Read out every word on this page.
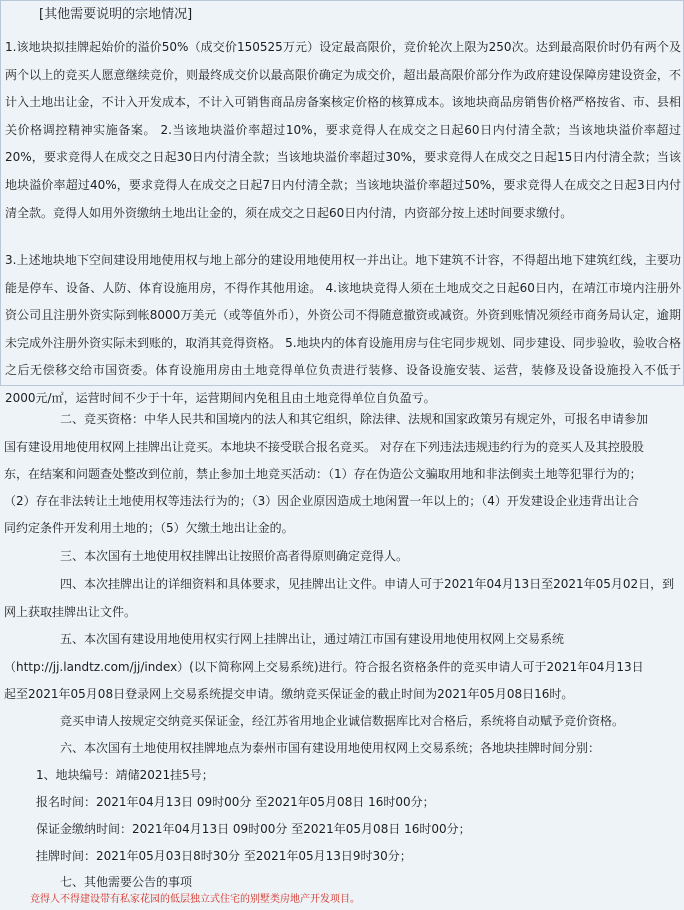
[其他需要说明的宗地情况]

1.该地块拟挂牌起始价的溢价50%（成交价150525万元）设定最高限价，竞价轮次上限为250次。达到最高限价时仍有两个及两个以上的竞买人愿意继续竞价，则最终成交价以最高限价确定为成交价，超出最高限价部分作为政府建设保障房建设资金，不计入土地出让金，不计入开发成本，不计入可销售商品房备案核定价格的核算成本。该地块商品房销售价格严格按省、市、县相关价格调控精神实施备案。 2.当该地块溢价率超过10%，要求竞得人在成交之日起60日内付清全款；当该地块溢价率超过20%，要求竞得人在成交之日起30日内付清全款；当该地块溢价率超过30%，要求竞得人在成交之日起15日内付清全款；当该地块溢价率超过40%，要求竞得人在成交之日起7日内付清全款；当该地块溢价率超过50%，要求竞得人在成交之日起3日内付清全款。竞得人如用外资缴纳土地出让金的，须在成交之日起60日内付清，内资部分按上述时间要求缴付。

3.上述地块地下空间建设用地使用权与地上部分的建设用地使用权一并出让。地下建筑不计容，不得超出地下建筑红线，主要功能是停车、设备、人防、体育设施用房，不得作其他用途。 4.该地块竞得人须在土地成交之日起60日内，在靖江市境内注册外资公司且注册外资实际到帐8000万美元（或等值外币），外资公司不得随意撤资或减资。外资到账情况须经市商务局认定，逾期未完成外注册外资实际未到账的，取消其竞得资格。 5.地块内的体育设施用房与住宅同步规划、同步建设、同步验收，验收合格之后无偿移交给市国资委。体育设施用房由土地竞得单位负责进行装修、设备设施安装、运营，装修及设备设施投入不低于2000元/㎡，运营时间不少于十年，运营期间内免租且由土地竞得单位自负盈亏。

二、竞买资格：中华人民共和国境内的法人和其它组织，除法律、法规和国家政策另有规定外，可报名申请参加
国有建设用地使用权网上挂牌出让竞买。本地块不接受联合报名竞买。 对存在下列违法违规违约行为的竞买人及其控股股
东，在结案和问题查处整改到位前，禁止参加土地竞买活动：（1）存在伪造公文骗取用地和非法倒卖土地等犯罪行为的；
（2）存在非法转让土地使用权等违法行为的；（3）因企业原因造成土地闲置一年以上的；（4）开发建设企业违背出让合
同约定条件开发利用土地的；（5）欠缴土地出让金的。
三、本次国有土地使用权挂牌出让按照价高者得原则确定竞得人。
四、本次挂牌出让的详细资料和具体要求，见挂牌出让文件。申请人可于2021年04月13日至2021年05月02日，到
网上获取挂牌出让文件。
五、本次国有建设用地使用权实行网上挂牌出让，通过靖江市国有建设用地使用权网上交易系统
（http://jj.landtz.com/jj/index）(以下简称网上交易系统)进行。符合报名资格条件的竞买申请人可于2021年04月13日
起至2021年05月08日登录网上交易系统提交申请。缴纳竞买保证金的截止时间为2021年05月08日16时。
竞买申请人按规定交纳竞买保证金，经江苏省用地企业诚信数据库比对合格后，系统将自动赋予竞价资格。
六、本次国有土地使用权挂牌地点为泰州市国有建设用地使用权网上交易系统；各地块挂牌时间分别：
1、地块编号：靖储2021挂5号；
报名时间：2021年04月13日 09时00分 至2021年05月08日 16时00分；
保证金缴纳时间：2021年04月13日 09时00分 至2021年05月08日 16时00分；
挂牌时间：2021年05月03日8时30分 至2021年05月13日9时30分；
七、其他需要公告的事项
竞得人不得建设带有私家花园的低层独立式住宅的别墅类房地产开发项目。
